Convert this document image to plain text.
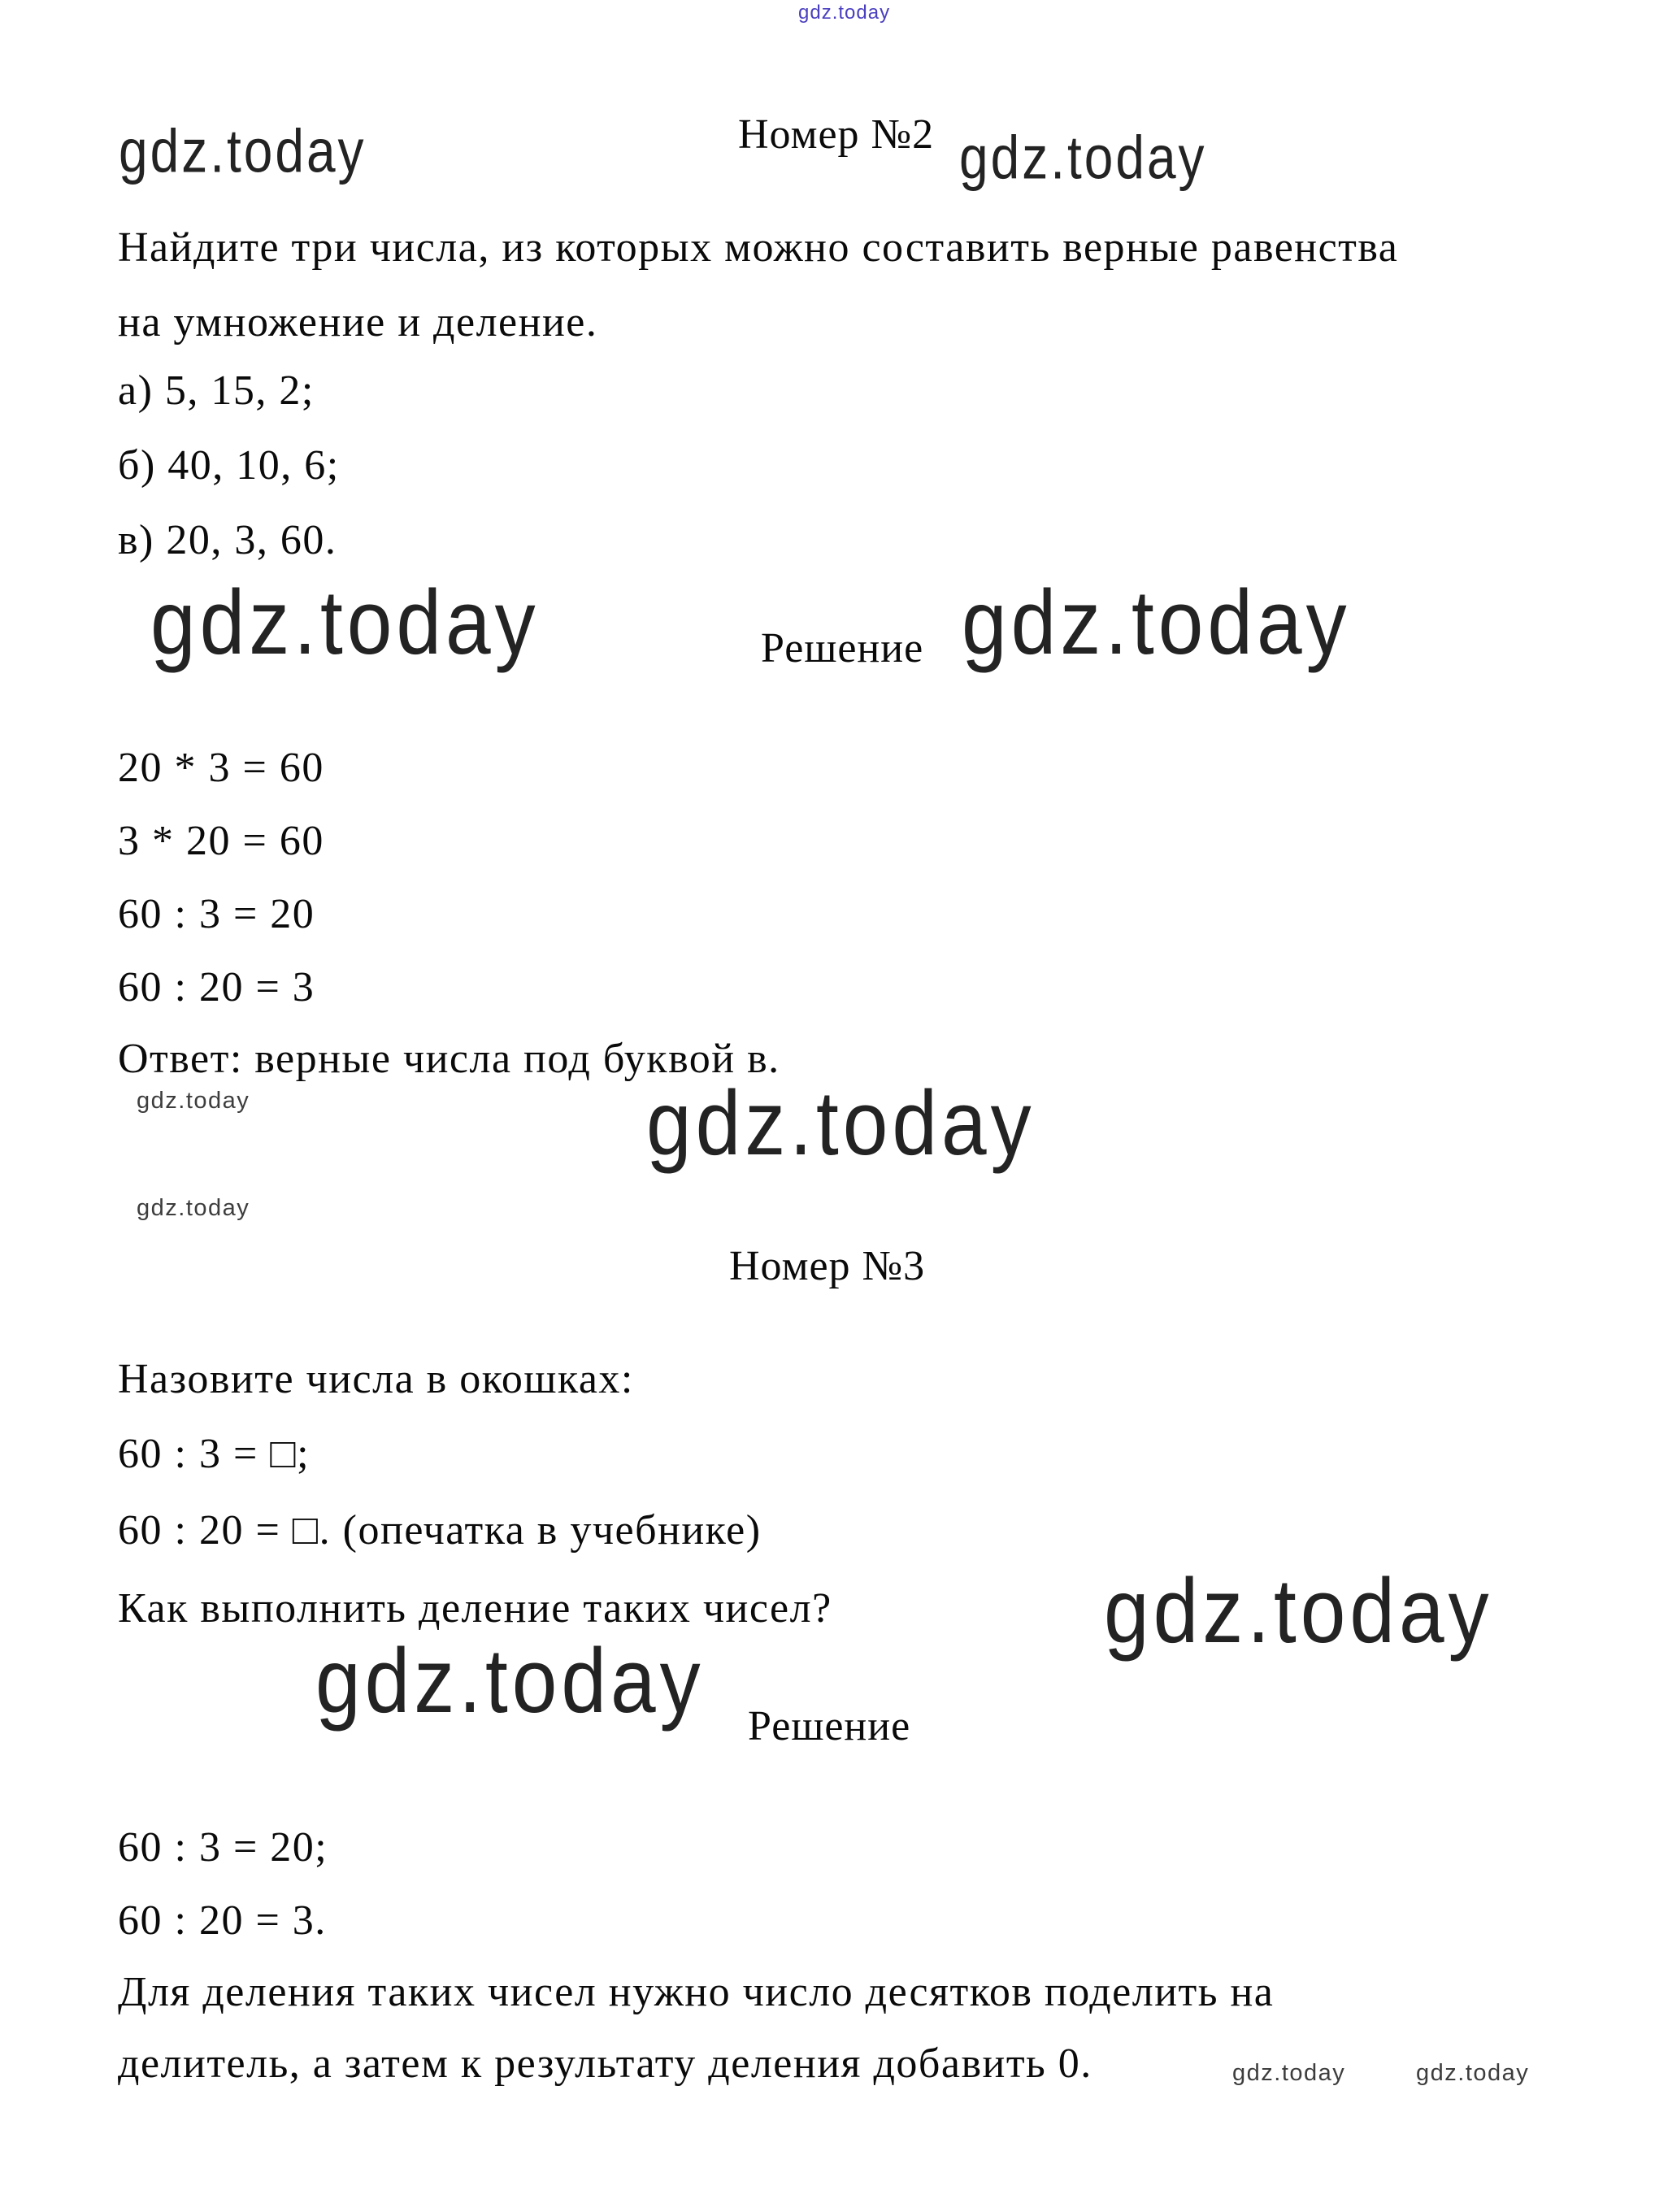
gdz.today
gdz.today	Номер №2 gdz.today
Найдите три числа, из которых можно составить верные равенства
на умножение и деление.
а) 5, 15, 2;
б) 40, 10, 6;
в) 20, 3, 60.
gdz.today	Решение gdz.today
20 * 3 = 60
3 * 20 = 60
60 : 3 = 20
60 : 20 = 3
Ответ: верные числа под буквой в.
gdz.today	gdz.today
gdz.today
Номер №3
Назовите числа в окошках:
60 : 3 = □;
60 : 20 = □. (опечатка в учебнике)
Как выполнить деление таких чисел?	gdz.today
gdz.today Решение
60 : 3 = 20;
60 : 20 = 3.
Для деления таких чисел нужно число десятков поделить на
делитель, а затем к результату деления добавить 0.	gdz.today	gdz.today
